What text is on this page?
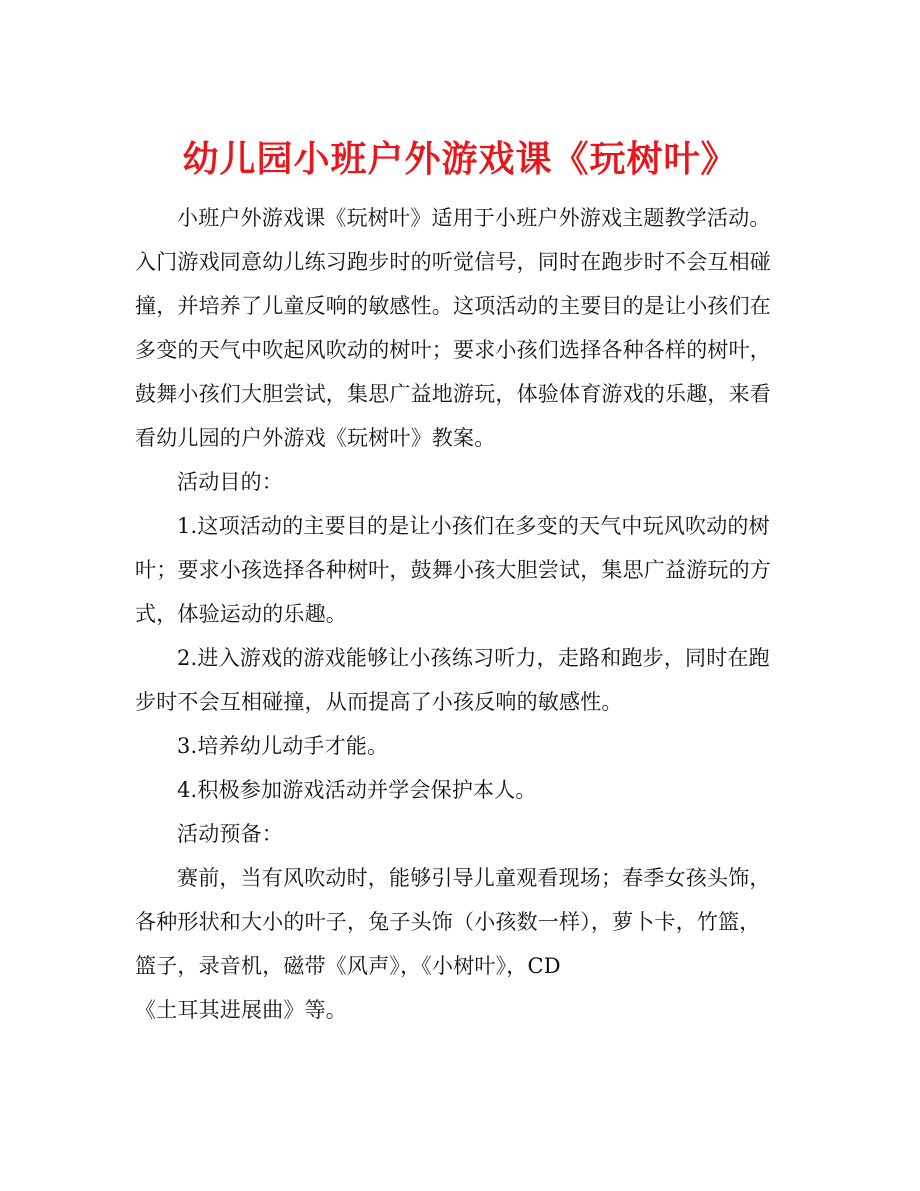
幼儿园小班户外游戏课《玩树叶》
小班户外游戏课《玩树叶》适用于小班户外游戏主题教学活动。
入门游戏同意幼儿练习跑步时的听觉信号，同时在跑步时不会互相碰
撞，并培养了儿童反响的敏感性。这项活动的主要目的是让小孩们在
多变的天气中吹起风吹动的树叶；要求小孩们选择各种各样的树叶，
鼓舞小孩们大胆尝试，集思广益地游玩，体验体育游戏的乐趣，来看
看幼儿园的户外游戏《玩树叶》教案。
活动目的：
1.这项活动的主要目的是让小孩们在多变的天气中玩风吹动的树
叶；要求小孩选择各种树叶，鼓舞小孩大胆尝试，集思广益游玩的方
式，体验运动的乐趣。
2.进入游戏的游戏能够让小孩练习听力，走路和跑步，同时在跑
步时不会互相碰撞，从而提高了小孩反响的敏感性。
3.培养幼儿动手才能。
4.积极参加游戏活动并学会保护本人。
活动预备：
赛前，当有风吹动时，能够引导儿童观看现场；春季女孩头饰，
各种形状和大小的叶子，兔子头饰（小孩数一样），萝卜卡，竹篮，
篮子，录音机，磁带《风声》，《小树叶》，CD
《土耳其进展曲》等。
